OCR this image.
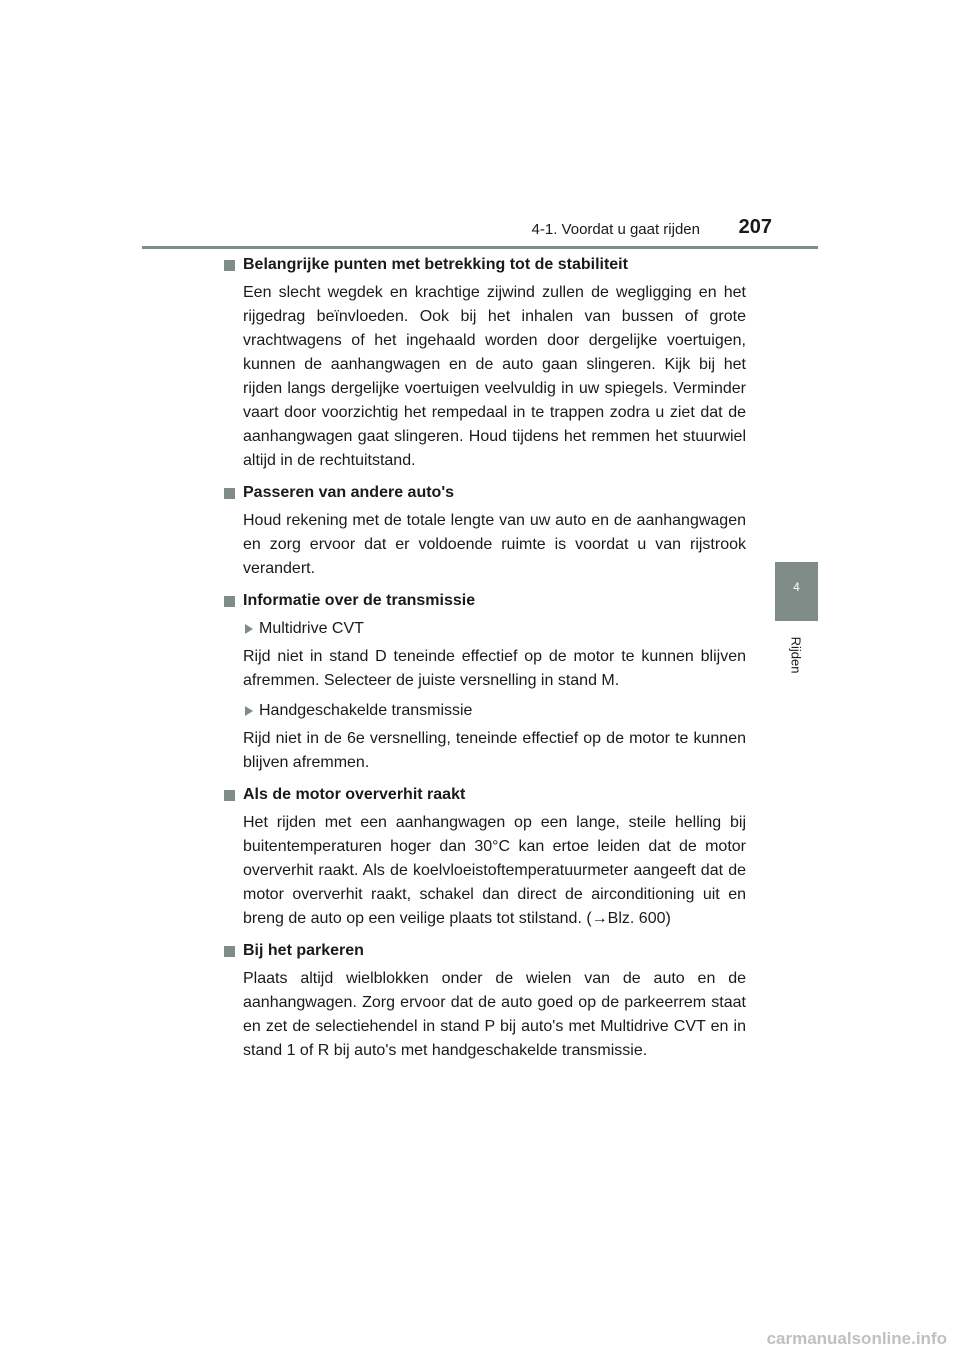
4-1. Voordat u gaat rijden 207
4
Rijden
Belangrijke punten met betrekking tot de stabiliteit

Een slecht wegdek en krachtige zijwind zullen de wegligging en het rijgedrag beïnvloeden. Ook bij het inhalen van bussen of grote vrachtwagens of het ingehaald worden door dergelijke voertuigen, kunnen de aanhangwagen en de auto gaan slingeren. Kijk bij het rijden langs dergelijke voertuigen veelvuldig in uw spiegels. Verminder vaart door voorzichtig het rempedaal in te trappen zodra u ziet dat de aanhangwagen gaat slingeren. Houd tijdens het remmen het stuurwiel altijd in de rechtuitstand.

Passeren van andere auto's

Houd rekening met de totale lengte van uw auto en de aanhangwagen en zorg ervoor dat er voldoende ruimte is voordat u van rijstrook verandert.

Informatie over de transmissie
Multidrive CVT

Rijd niet in stand D teneinde effectief op de motor te kunnen blijven afremmen. Selecteer de juiste versnelling in stand M.

Handgeschakelde transmissie

Rijd niet in de 6e versnelling, teneinde effectief op de motor te kunnen blijven afremmen.

Als de motor oververhit raakt

Het rijden met een aanhangwagen op een lange, steile helling bij buitentemperaturen hoger dan 30°C kan ertoe leiden dat de motor oververhit raakt. Als de koelvloeistoftemperatuurmeter aangeeft dat de motor oververhit raakt, schakel dan direct de airconditioning uit en breng de auto op een veilige plaats tot stilstand. (→Blz. 600)

Bij het parkeren

Plaats altijd wielblokken onder de wielen van de auto en de aanhangwagen. Zorg ervoor dat de auto goed op de parkeerrem staat en zet de selectiehendel in stand P bij auto's met Multidrive CVT en in stand 1 of R bij auto's met handgeschakelde transmissie.

carmanualsonline.info
